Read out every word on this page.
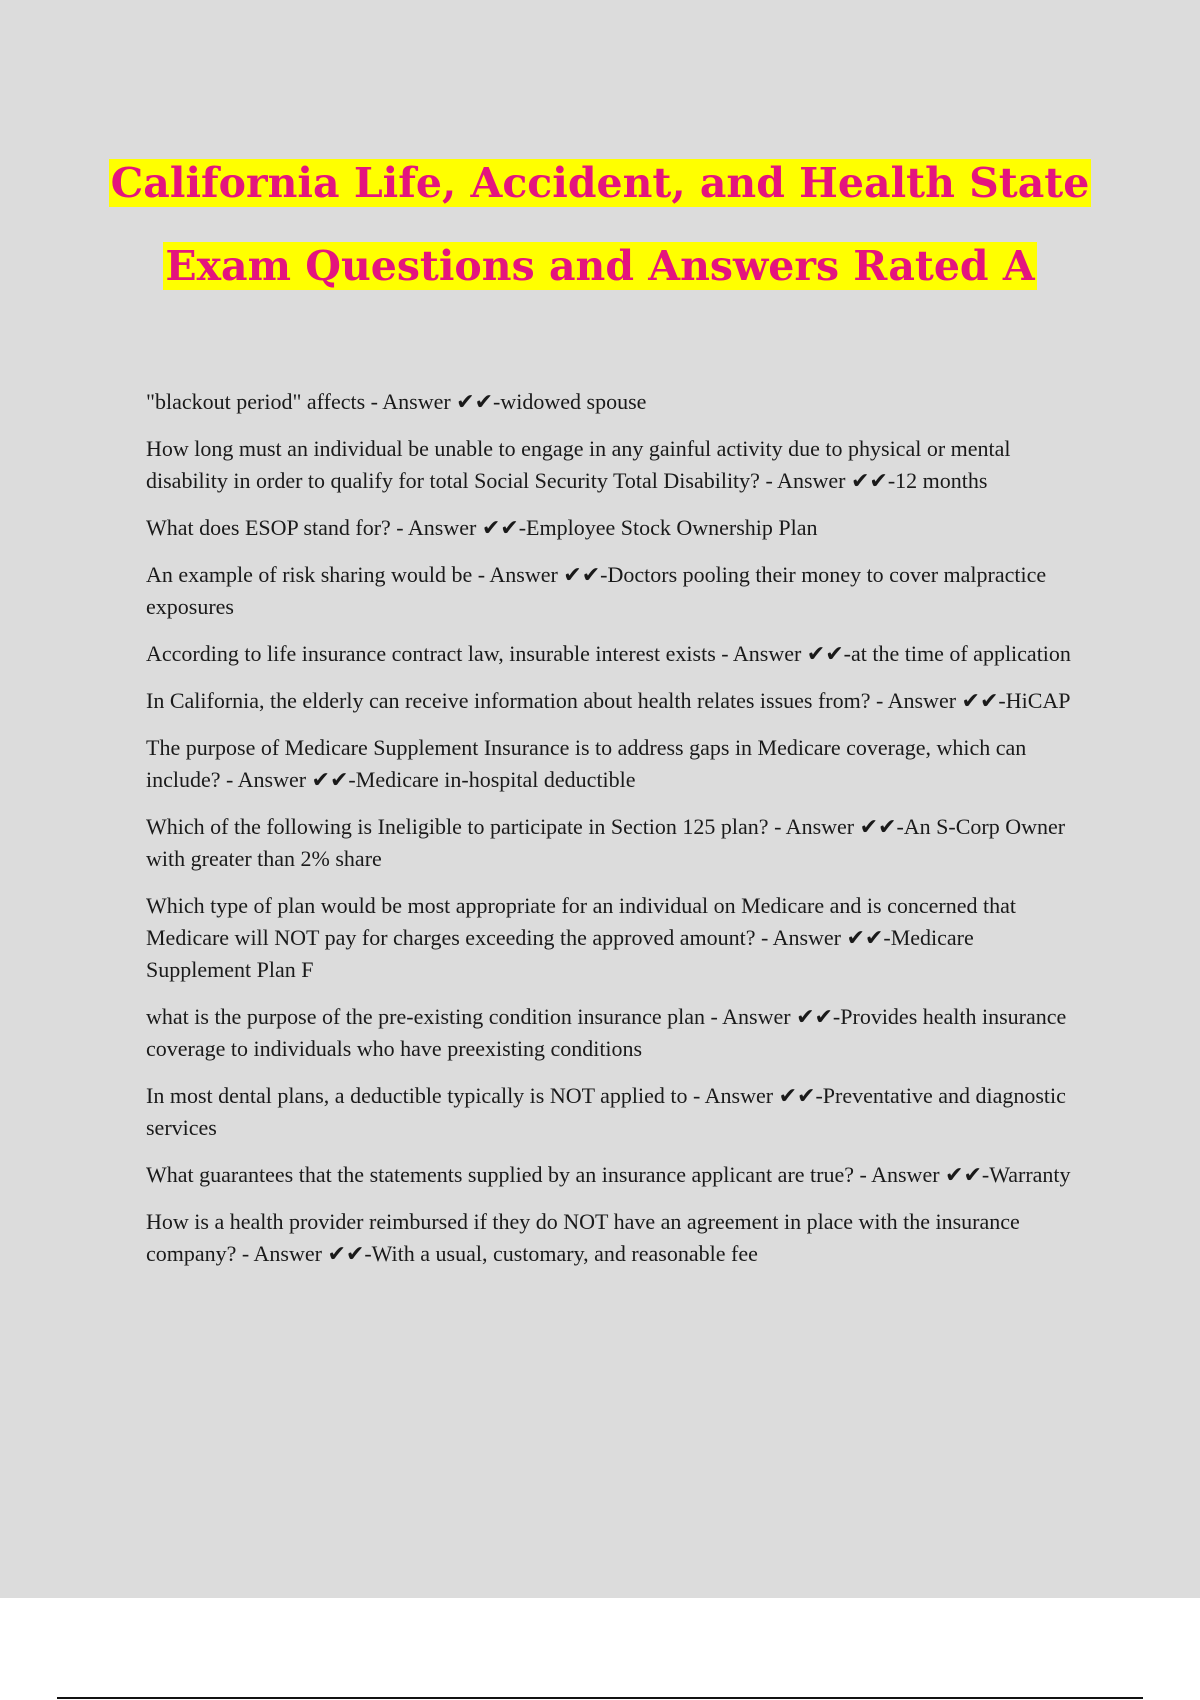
California Life, Accident, and Health State
Exam Questions and Answers Rated A
"blackout period" affects - Answer ✔✔-widowed spouse
How long must an individual be unable to engage in any gainful activity due to physical or mental disability in order to qualify for total Social Security Total Disability? - Answer ✔✔-12 months
What does ESOP stand for? - Answer ✔✔-Employee Stock Ownership Plan
An example of risk sharing would be - Answer ✔✔-Doctors pooling their money to cover malpractice exposures
According to life insurance contract law, insurable interest exists - Answer ✔✔-at the time of application
In California, the elderly can receive information about health relates issues from? - Answer ✔✔-HiCAP
The purpose of Medicare Supplement Insurance is to address gaps in Medicare coverage, which can include? - Answer ✔✔-Medicare in-hospital deductible
Which of the following is Ineligible to participate in Section 125 plan? - Answer ✔✔-An S-Corp Owner with greater than 2% share
Which type of plan would be most appropriate for an individual on Medicare and is concerned that Medicare will NOT pay for charges exceeding the approved amount? - Answer ✔✔-Medicare Supplement Plan F
what is the purpose of the pre-existing condition insurance plan - Answer ✔✔-Provides health insurance coverage to individuals who have preexisting conditions
In most dental plans, a deductible typically is NOT applied to - Answer ✔✔-Preventative and diagnostic services
What guarantees that the statements supplied by an insurance applicant are true? - Answer ✔✔-Warranty
How is a health provider reimbursed if they do NOT have an agreement in place with the insurance company? - Answer ✔✔-With a usual, customary, and reasonable fee
